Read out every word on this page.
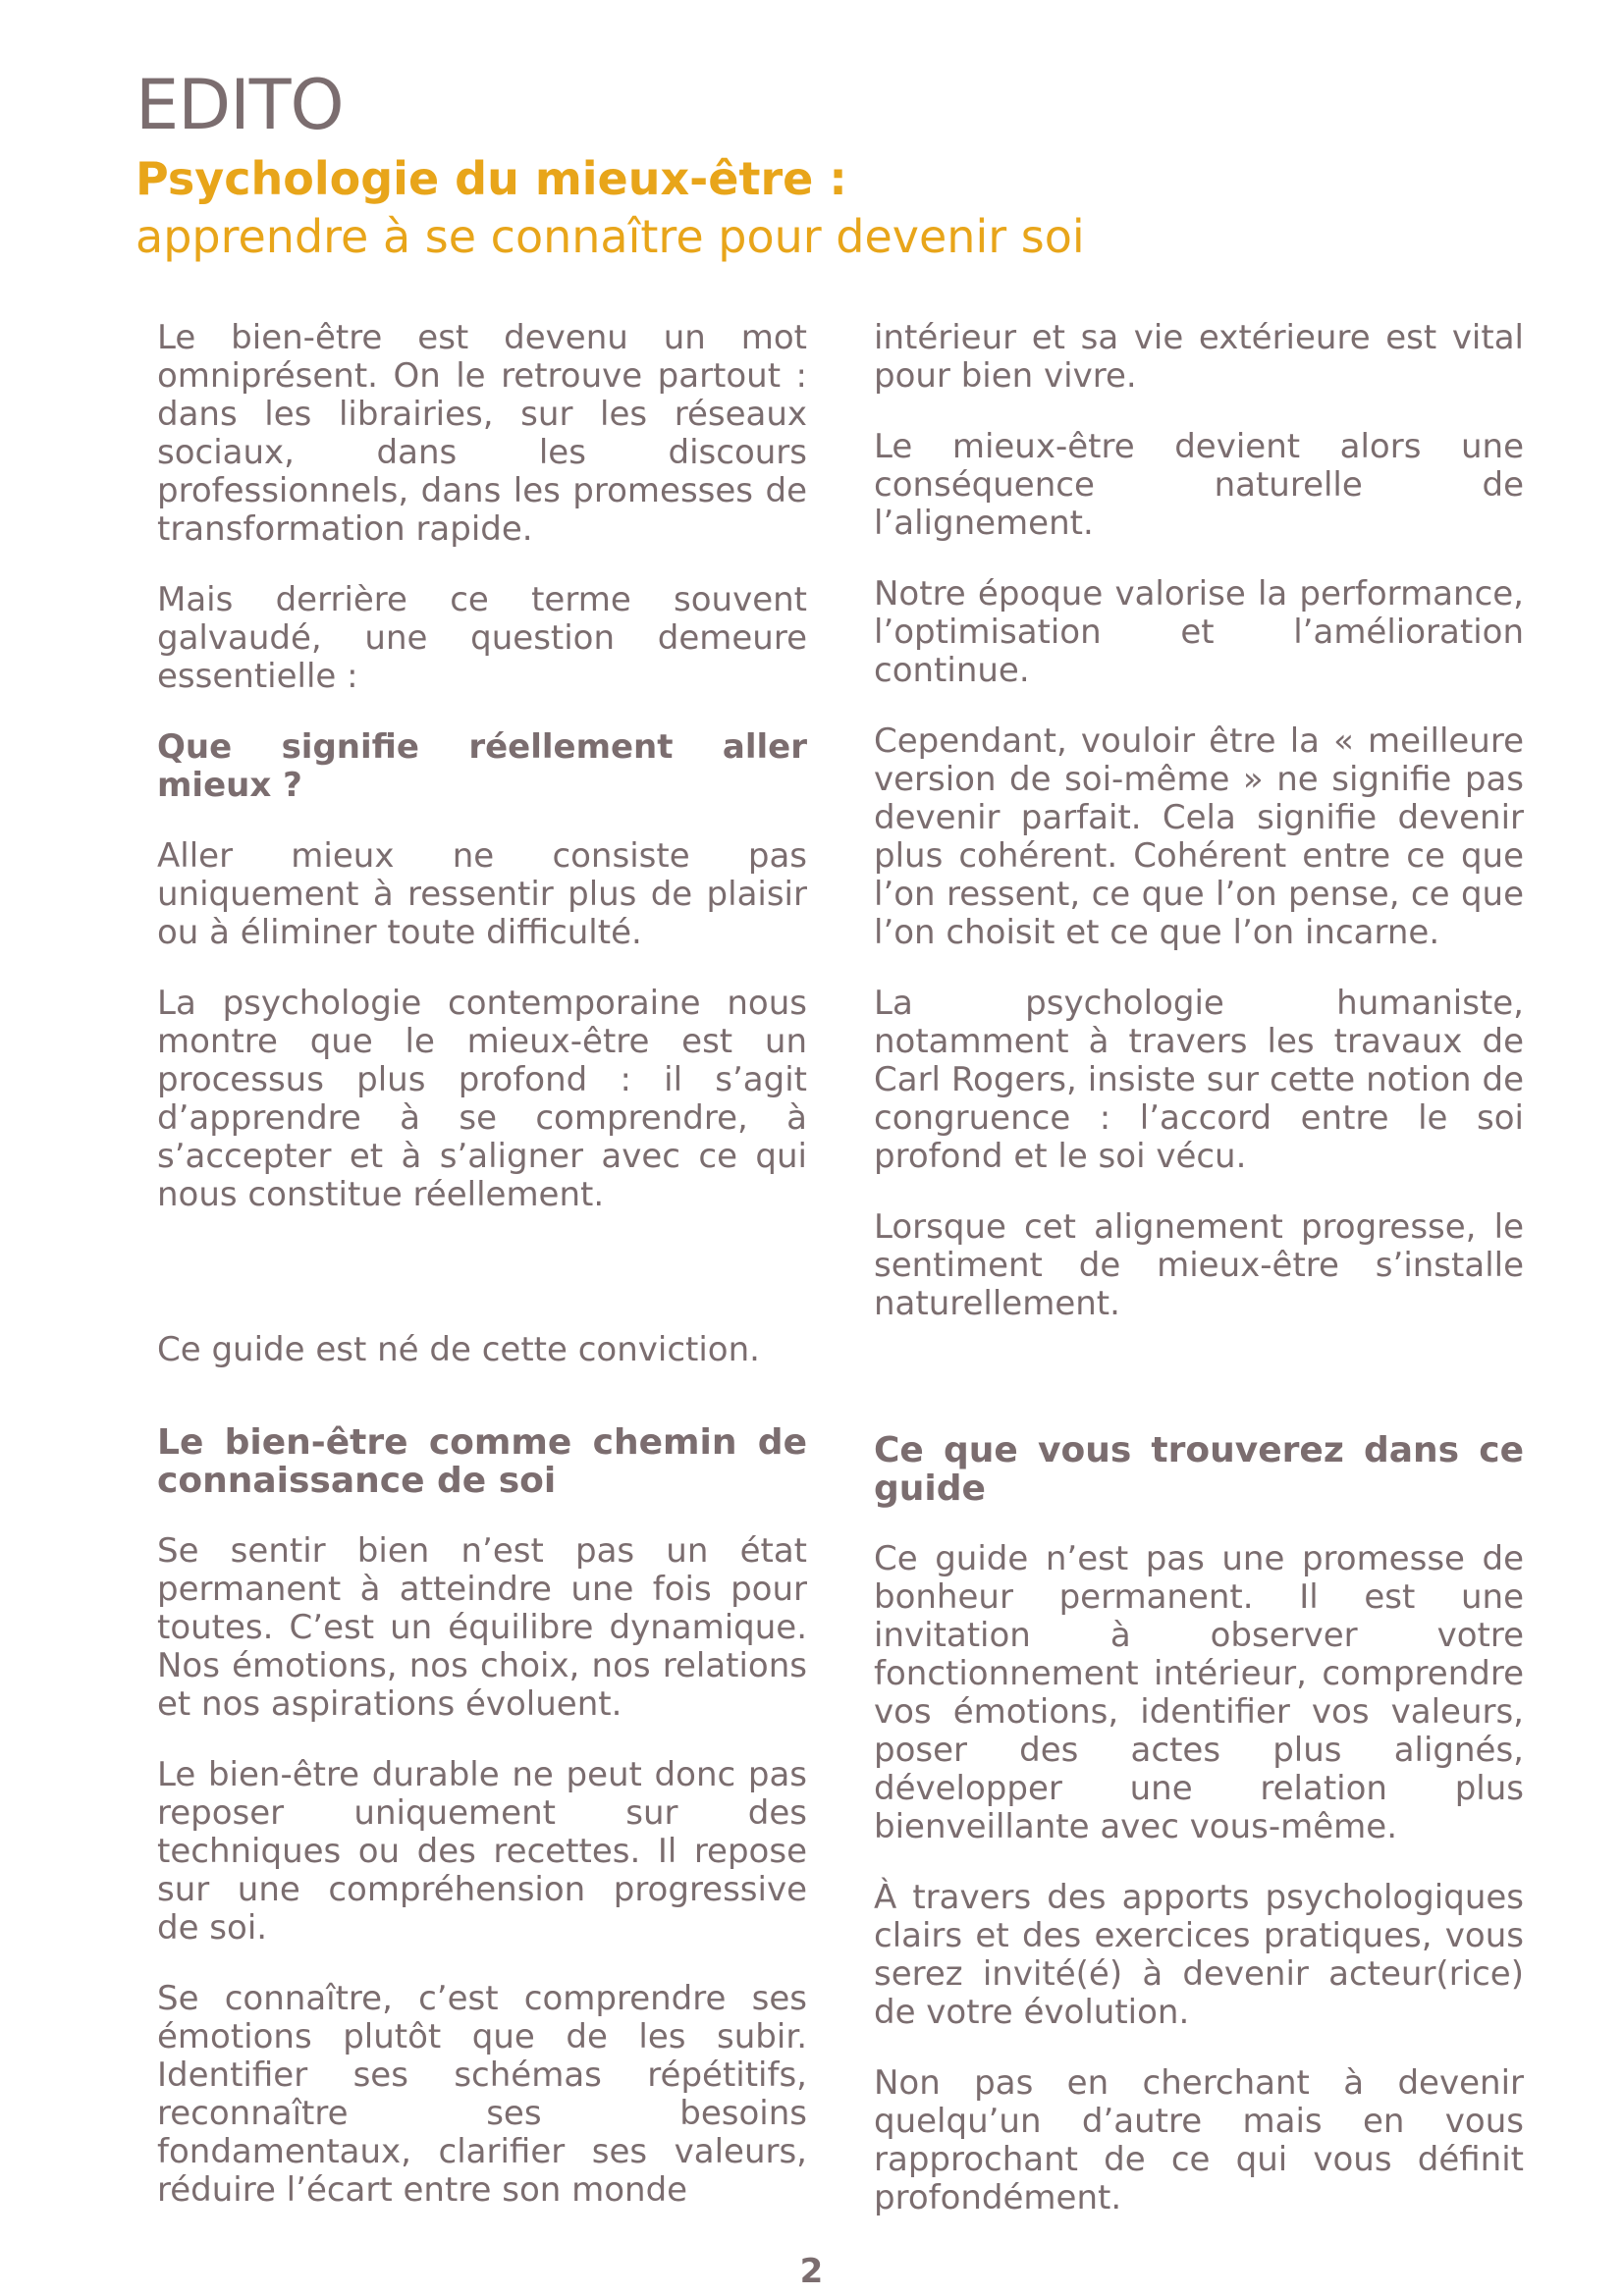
EDITO
Psychologie du mieux-être :
apprendre à se connaître pour devenir soi

Le bien-être est devenu un mot omniprésent. On le retrouve partout : dans les librairies, sur les réseaux sociaux, dans les discours professionnels, dans les promesses de transformation rapide.

Mais derrière ce terme souvent galvaudé, une question demeure essentielle :

Que signifie réellement aller mieux ?

Aller mieux ne consiste pas uniquement à ressentir plus de plaisir ou à éliminer toute difficulté.

La psychologie contemporaine nous montre que le mieux-être est un processus plus profond : il s’agit d’apprendre à se comprendre, à s’accepter et à s’aligner avec ce qui nous constitue réellement.

Ce guide est né de cette conviction.

intérieur et sa vie extérieure est vital pour bien vivre.

Le mieux-être devient alors une conséquence naturelle de l’alignement.

Notre époque valorise la performance, l’optimisation et l’amélioration continue.

Cependant, vouloir être la « meilleure version de soi-même » ne signifie pas devenir parfait. Cela signifie devenir plus cohérent. Cohérent entre ce que l’on ressent, ce que l’on pense, ce que l’on choisit et ce que l’on incarne.

La psychologie humaniste, notamment à travers les travaux de Carl Rogers, insiste sur cette notion de congruence : l’accord entre le soi profond et le soi vécu.

Lorsque cet alignement progresse, le sentiment de mieux-être s’installe naturellement.

Le bien-être comme chemin de connaissance de soi

Se sentir bien n’est pas un état permanent à atteindre une fois pour toutes. C’est un équilibre dynamique. Nos émotions, nos choix, nos relations et nos aspirations évoluent.

Le bien-être durable ne peut donc pas reposer uniquement sur des techniques ou des recettes. Il repose sur une compréhension progressive de soi.

Se connaître, c’est comprendre ses émotions plutôt que de les subir. Identifier ses schémas répétitifs, reconnaître ses besoins fondamentaux, clarifier ses valeurs, réduire l’écart entre son monde

Ce que vous trouverez dans ce guide

Ce guide n’est pas une promesse de bonheur permanent. Il est une invitation à observer votre fonctionnement intérieur, comprendre vos émotions, identifier vos valeurs, poser des actes plus alignés, développer une relation plus bienveillante avec vous-même.

À travers des apports psychologiques clairs et des exercices pratiques, vous serez invité(é) à devenir acteur(rice) de votre évolution.

Non pas en cherchant à devenir quelqu’un d’autre mais en vous rapprochant de ce qui vous définit profondément.

2
